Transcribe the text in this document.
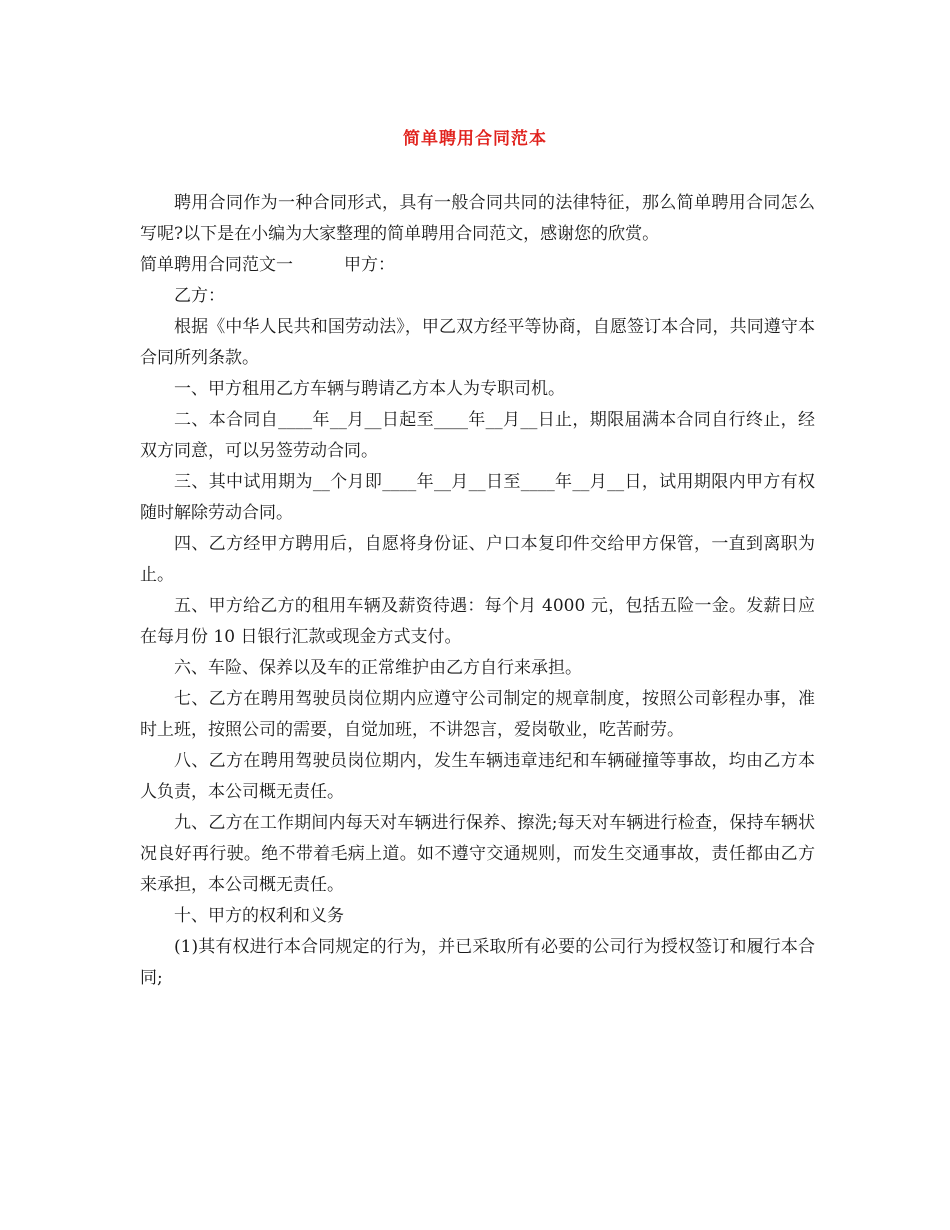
简单聘用合同范本

聘用合同作为一种合同形式，具有一般合同共同的法律特征，那么简单聘用合同怎么写呢?以下是在小编为大家整理的简单聘用合同范文，感谢您的欣赏。

简单聘用合同范文一　　　甲方：

乙方：

根据《中华人民共和国劳动法》，甲乙双方经平等协商，自愿签订本合同，共同遵守本合同所列条款。

一、甲方租用乙方车辆与聘请乙方本人为专职司机。

二、本合同自____年__月__日起至____年__月__日止，期限届满本合同自行终止，经双方同意，可以另签劳动合同。

三、其中试用期为__个月即____年__月__日至____年__月__日，试用期限内甲方有权随时解除劳动合同。

四、乙方经甲方聘用后，自愿将身份证、户口本复印件交给甲方保管，一直到离职为止。

五、甲方给乙方的租用车辆及薪资待遇：每个月 4000 元，包括五险一金。发薪日应在每月份 10 日银行汇款或现金方式支付。

六、车险、保养以及车的正常维护由乙方自行来承担。

七、乙方在聘用驾驶员岗位期内应遵守公司制定的规章制度，按照公司彰程办事，准时上班，按照公司的需要，自觉加班，不讲怨言，爱岗敬业，吃苦耐劳。

八、乙方在聘用驾驶员岗位期内，发生车辆违章违纪和车辆碰撞等事故，均由乙方本人负责，本公司概无责任。

九、乙方在工作期间内每天对车辆进行保养、擦洗;每天对车辆进行检查，保持车辆状况良好再行驶。绝不带着毛病上道。如不遵守交通规则，而发生交通事故，责任都由乙方来承担，本公司概无责任。

十、甲方的权利和义务

(1)其有权进行本合同规定的行为，并已采取所有必要的公司行为授权签订和履行本合同;
